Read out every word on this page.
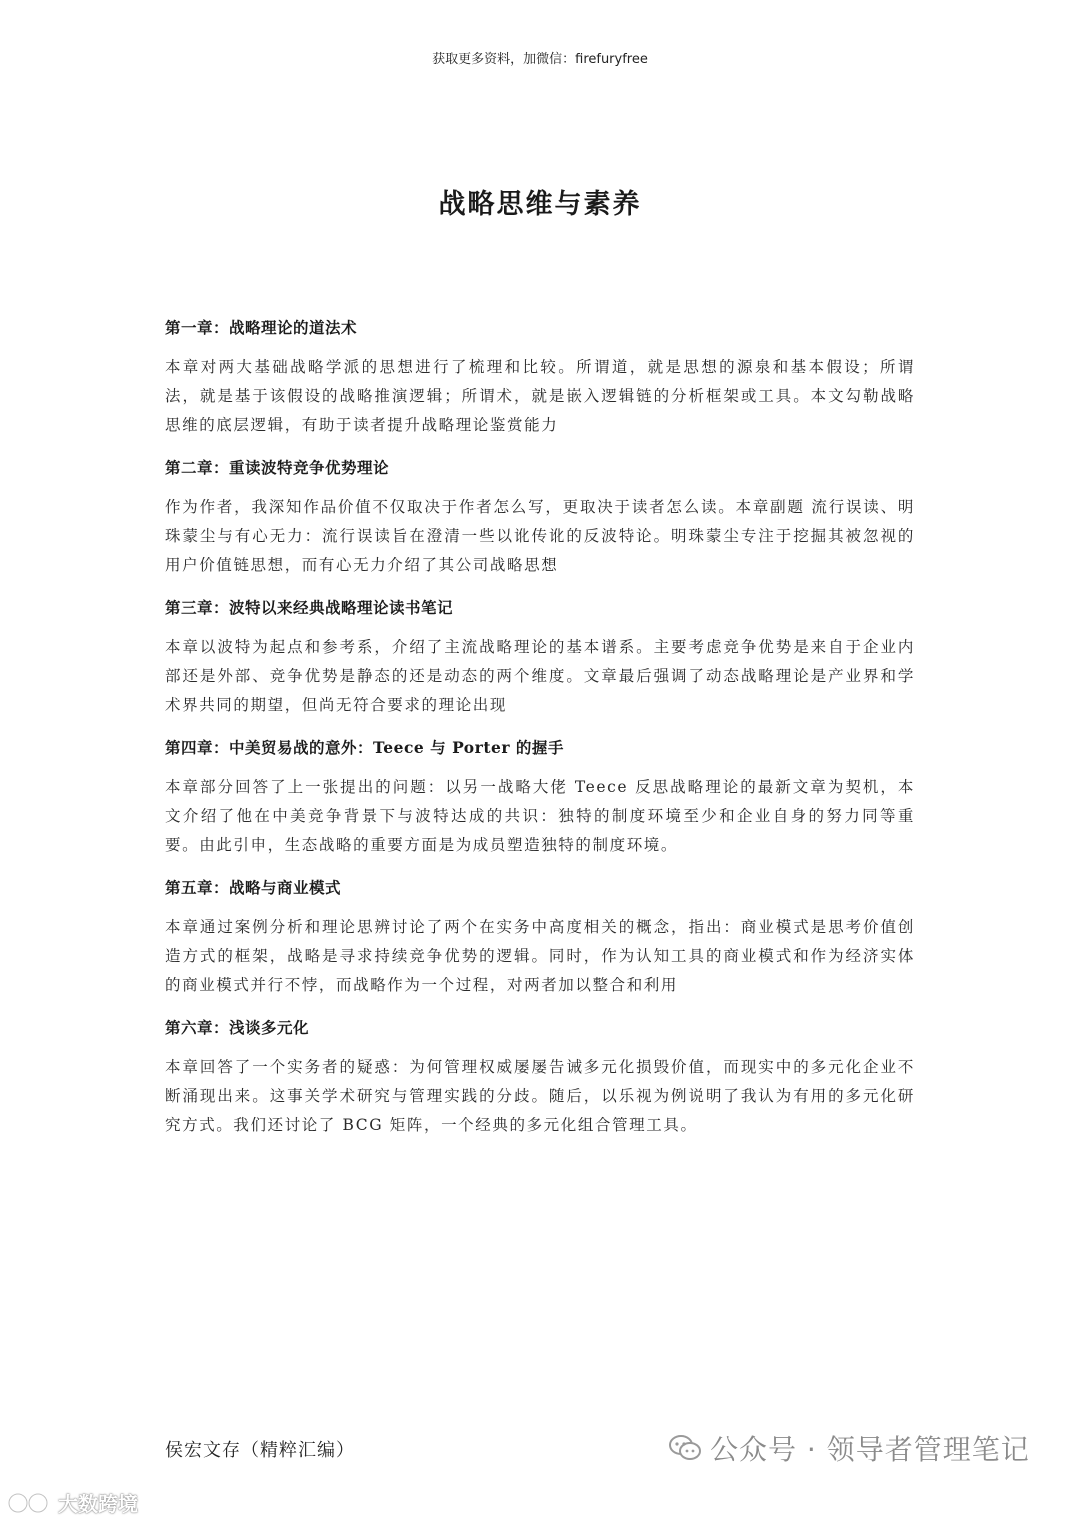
获取更多资料，加微信：firefuryfree
战略思维与素养
第一章：战略理论的道法术

本章对两大基础战略学派的思想进行了梳理和比较。所谓道，就是思想的源泉和基本假设；所谓法，就是基于该假设的战略推演逻辑；所谓术，就是嵌入逻辑链的分析框架或工具。本文勾勒战略思维的底层逻辑，有助于读者提升战略理论鉴赏能力

第二章：重读波特竞争优势理论

作为作者，我深知作品价值不仅取决于作者怎么写，更取决于读者怎么读。本章副题 流行误读、明珠蒙尘与有心无力：流行误读旨在澄清一些以讹传讹的反波特论。明珠蒙尘专注于挖掘其被忽视的用户价值链思想，而有心无力介绍了其公司战略思想

第三章：波特以来经典战略理论读书笔记

本章以波特为起点和参考系，介绍了主流战略理论的基本谱系。主要考虑竞争优势是来自于企业内部还是外部、竞争优势是静态的还是动态的两个维度。文章最后强调了动态战略理论是产业界和学术界共同的期望，但尚无符合要求的理论出现

第四章：中美贸易战的意外：Teece 与 Porter 的握手

本章部分回答了上一张提出的问题：以另一战略大佬 Teece 反思战略理论的最新文章为契机，本文介绍了他在中美竞争背景下与波特达成的共识：独特的制度环境至少和企业自身的努力同等重要。由此引申，生态战略的重要方面是为成员塑造独特的制度环境。

第五章：战略与商业模式

本章通过案例分析和理论思辨讨论了两个在实务中高度相关的概念，指出：商业模式是思考价值创造方式的框架，战略是寻求持续竞争优势的逻辑。同时，作为认知工具的商业模式和作为经济实体的商业模式并行不悖，而战略作为一个过程，对两者加以整合和利用

第六章：浅谈多元化

本章回答了一个实务者的疑惑：为何管理权威屡屡告诫多元化损毁价值，而现实中的多元化企业不断涌现出来。这事关学术研究与管理实践的分歧。随后，以乐视为例说明了我认为有用的多元化研究方式。我们还讨论了 BCG 矩阵，一个经典的多元化组合管理工具。

侯宏文存（精粹汇编）	公众号 · 领导者管理笔记
大数跨境
